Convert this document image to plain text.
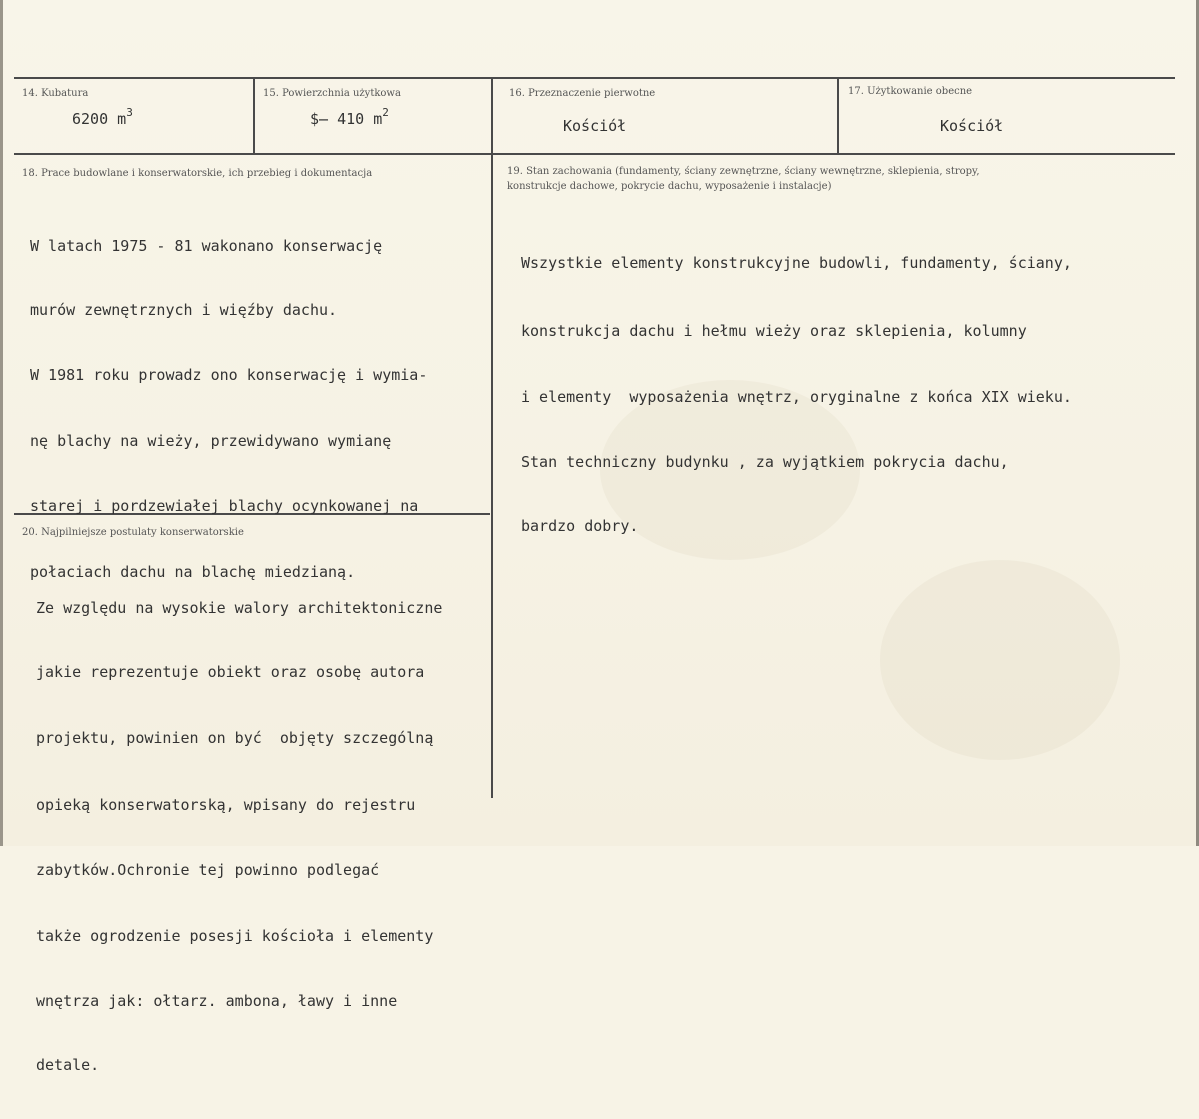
14. Kubatura
6200 $m^3$
15. Powierzchnia użytkowa
$̶ 410 $m^2$
16. Przeznaczenie pierwotne
Kościół
17. Użytkowanie obecne
Kościół
18. Prace budowlane i konserwatorskie, ich przebieg i dokumentacja

W latach 1975 - 81 wakonano konserwację

murów zewnętrznych i więźby dachu.

W 1981 roku prowadz ono konserwację i wymia-

nę blachy na wieży, przewidywano wymianę

starej i pordzewiałej blachy ocynkowanej na

połaciach dachu na blachę miedzianą.

19. Stan zachowania (fundamenty, ściany zewnętrzne, ściany wewnętrzne, sklepienia, stropy,
konstrukcje dachowe, pokrycie dachu, wyposażenie i instalacje)

Wszystkie elementy konstrukcyjne budowli, fundamenty, ściany,

konstrukcja dachu i hełmu wieży oraz sklepienia, kolumny

i elementy  wyposażenia wnętrz, oryginalne z końca XIX wieku.

Stan techniczny budynku , za wyjątkiem pokrycia dachu,

bardzo dobry.

20. Najpilniejsze postulaty konserwatorskie

Ze względu na wysokie walory architektoniczne

jakie reprezentuje obiekt oraz osobę autora

projektu, powinien on być  objęty szczególną

opieką konserwatorską, wpisany do rejestru

zabytków.Ochronie tej powinno podlegać

także ogrodzenie posesji kościoła i elementy

wnętrza jak: ołtarz. ambona, ławy i inne

detale.
